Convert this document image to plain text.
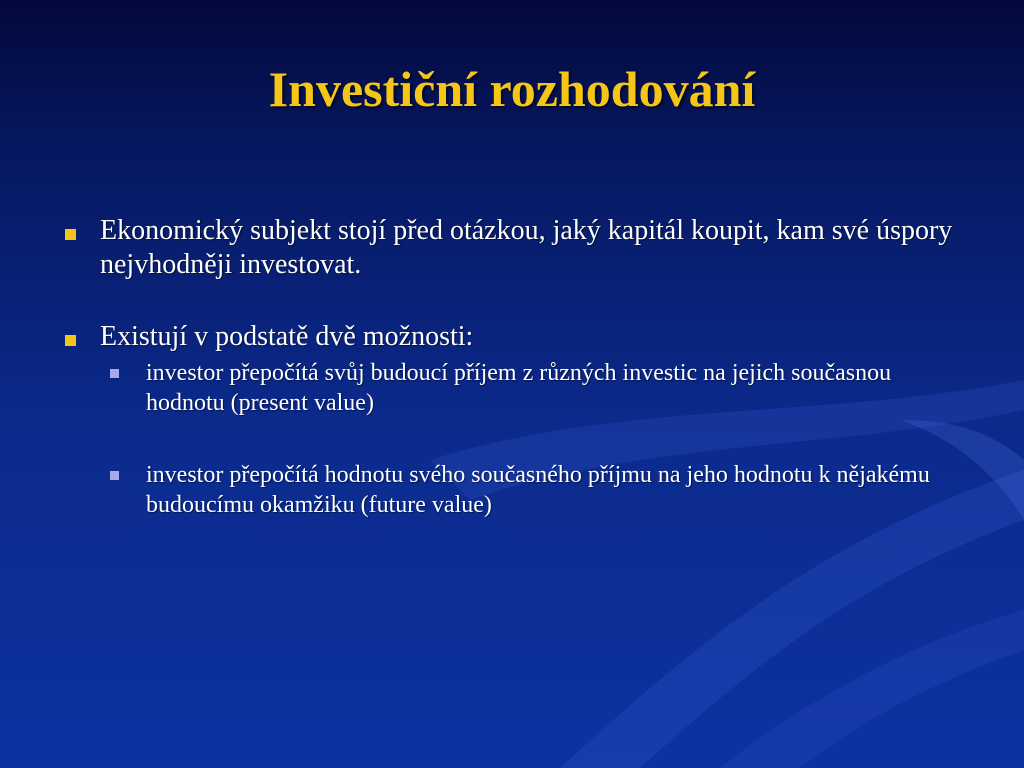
Investiční rozhodování
Ekonomický subjekt stojí před otázkou, jaký kapitál koupit, kam své úspory nejvhodněji investovat.
Existují v podstatě dvě možnosti:
investor přepočítá svůj budoucí příjem z různých investic na jejich současnou hodnotu (present value)
investor přepočítá hodnotu svého současného příjmu na jeho hodnotu k nějakému budoucímu okamžiku (future value)
